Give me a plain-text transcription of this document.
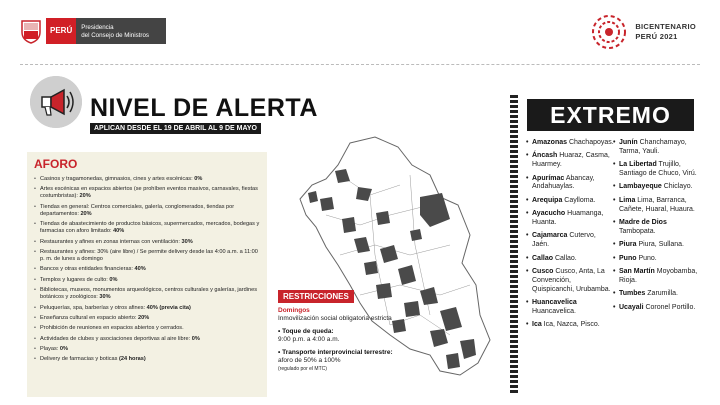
PERÚ	Presidencia
del Consejo de Ministros
BICENTENARIO
PERÚ 2021
NIVEL DE ALERTA
APLICAN DESDE EL 19 DE ABRIL AL 9 DE MAYO
AFORO
• Casinos y tragamonedas, gimnasios, cines y artes escénicas: 0%
• Artes escénicas en espacios abiertos (se prohíben eventos masivos, carnavales, fiestas costumbristas): 20%
• Tiendas en general: Centros comerciales, galería, conglomerados, tiendas por departamentos: 20%
• Tiendas de abastecimiento de productos básicos, supermercados, mercados, bodegas y farmacias con aforo limitado: 40%
• Restaurantes y afines en zonas internas con ventilación: 30%
• Restaurantes y afines: 30% (aire libre) / Se permite delivery desde las 4:00 a.m. a 11:00 p. m. de lunes a domingo
• Bancos y otras entidades financieras: 40%
• Templos y lugares de culto: 0%
• Bibliotecas, museos, monumentos arqueológicos, centros culturales y galerías, jardines botánicos y zoológicos: 30%
• Peluquerías, spa, barberías y otros afines: 40% (previa cita)
• Enseñanza cultural en espacio abierto: 20%
• Prohibición de reuniones en espacios abiertos y cerrados.
• Actividades de clubes y asociaciones deportivas al aire libre: 0%
• Playas: 0%
• Delivery de farmacias y boticas (24 horas)
RESTRICCIONES
Domingos
Inmovilización social obligatoria estricta
• Toque de queda:
9:00 p.m. a 4:00 a.m.
• Transporte interprovincial terrestre:
aforo de 50% a 100%
(regulado por el MTC)
EXTREMO
• Amazonas Chachapoyas.
• Áncash Huaraz, Casma, Huarmey.
• Apurímac Abancay, Andahuaylas.
• Arequipa Caylloma.
• Ayacucho Huamanga, Huanta.
• Cajamarca Cutervo, Jaén.
• Callao Callao.
• Cusco Cusco, Anta, La Convención, Quispicanchi, Urubamba.
• Huancavelica Huancavelica.
• Ica Ica, Nazca, Pisco.
• Junín Chanchamayo, Tarma, Yauli.
• La Libertad Trujillo, Santiago de Chuco, Virú.
• Lambayeque Chiclayo.
• Lima Lima, Barranca, Cañete, Huaral, Huaura.
• Madre de Dios Tambopata.
• Piura Piura, Sullana.
• Puno Puno.
• San Martín Moyobamba, Rioja.
• Tumbes Zarumilla.
• Ucayali Coronel Portillo.
